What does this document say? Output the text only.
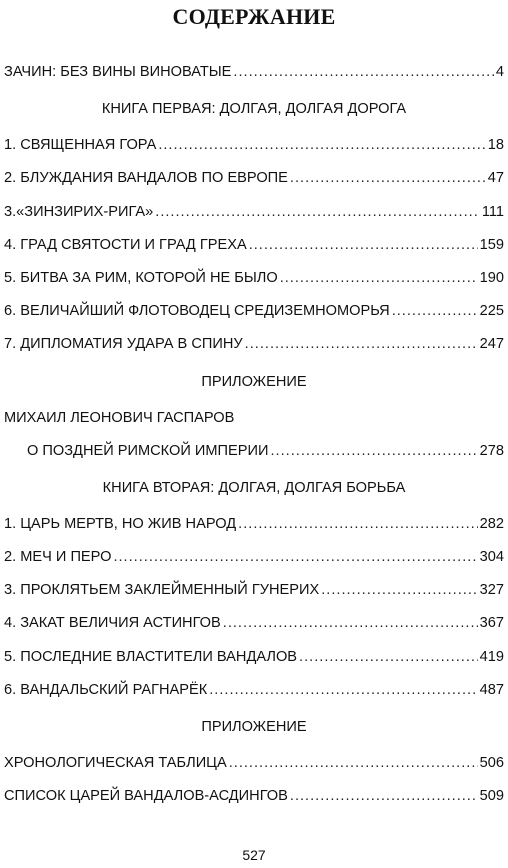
СОДЕРЖАНИЕ
ЗАЧИН: БЕЗ ВИНЫ ВИНОВАТЫЕ .....	4
КНИГА ПЕРВАЯ: ДОЛГАЯ, ДОЛГАЯ ДОРОГА
1. СВЯЩЕННАЯ ГОРА .....	18
2. БЛУЖДАНИЯ ВАНДАЛОВ ПО ЕВРОПЕ .....	47
3.«ЗИНЗИРИХ-РИГА» .....	111
4. ГРАД СВЯТОСТИ И ГРАД ГРЕХА .....	159
5. БИТВА ЗА РИМ, КОТОРОЙ НЕ БЫЛО .....	190
6. ВЕЛИЧАЙШИЙ ФЛОТОВОДЕЦ СРЕДИЗЕМНОМОРЬЯ .....	225
7. ДИПЛОМАТИЯ УДАРА В СПИНУ .....	247
ПРИЛОЖЕНИЕ
МИХАИЛ ЛЕОНОВИЧ ГАСПАРОВ
О ПОЗДНЕЙ РИМСКОЙ ИМПЕРИИ .....	278
КНИГА ВТОРАЯ: ДОЛГАЯ, ДОЛГАЯ БОРЬБА
1. ЦАРЬ МЕРТВ, НО ЖИВ НАРОД .....	282
2. МЕЧ И ПЕРО .....	304
3. ПРОКЛЯТЬЕМ ЗАКЛЕЙМЕННЫЙ ГУНЕРИХ .....	327
4. ЗАКАТ ВЕЛИЧИЯ АСТИНГОВ .....	367
5. ПОСЛЕДНИЕ ВЛАСТИТЕЛИ ВАНДАЛОВ .....	419
6. ВАНДАЛЬСКИЙ РАГНАРЁК .....	487
ПРИЛОЖЕНИЕ
ХРОНОЛОГИЧЕСКАЯ ТАБЛИЦА .....	506
СПИСОК ЦАРЕЙ ВАНДАЛОВ-АСДИНГОВ .....	509
527
